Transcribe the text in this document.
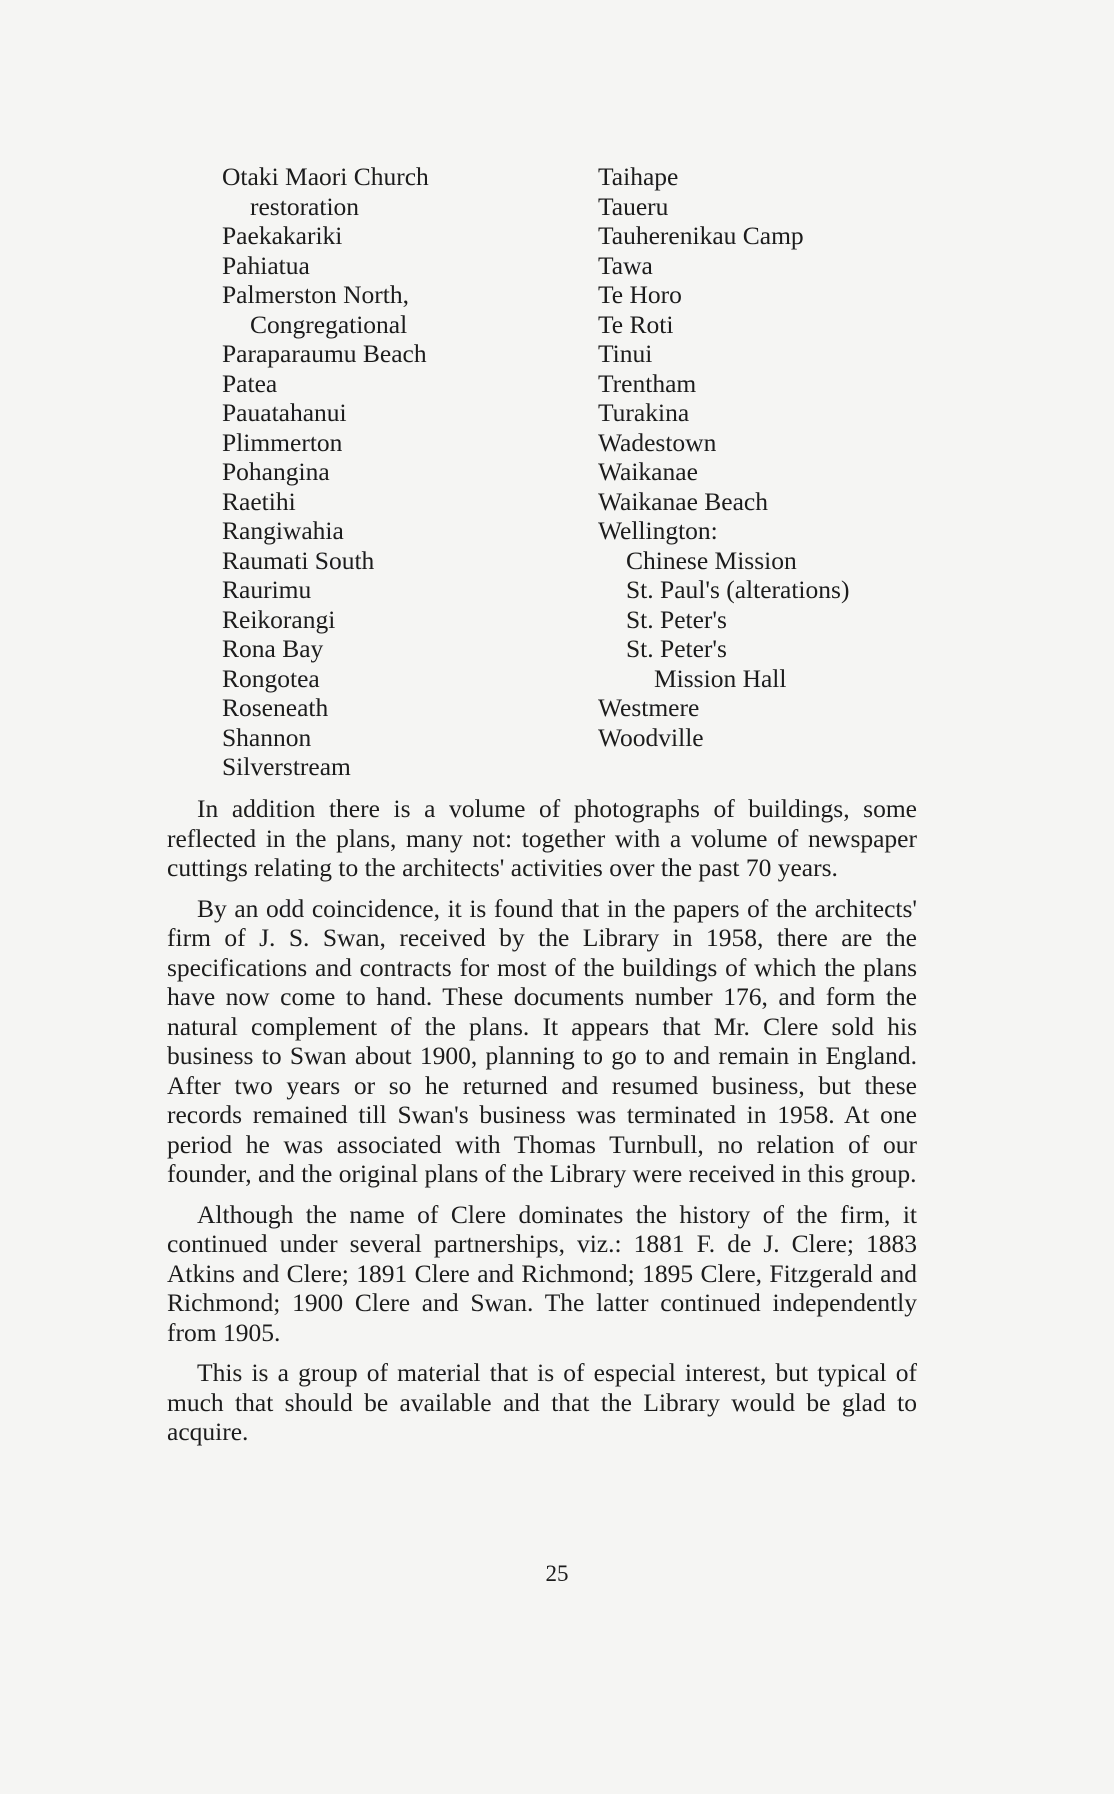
Otaki Maori Church
restoration
Paekakariki
Pahiatua
Palmerston North,
Congregational
Paraparaumu Beach
Patea
Pauatahanui
Plimmerton
Pohangina
Raetihi
Rangiwahia
Raumati South
Raurimu
Reikorangi
Rona Bay
Rongotea
Roseneath
Shannon
Silverstream
Taihape
Taueru
Tauherenikau Camp
Tawa
Te Horo
Te Roti
Tinui
Trentham
Turakina
Wadestown
Waikanae
Waikanae Beach
Wellington:
Chinese Mission
St. Paul's (alterations)
St. Peter's
St. Peter's
Mission Hall
Westmere
Woodville

In addition there is a volume of photographs of buildings, some reflected in the plans, many not: together with a volume of newspaper cuttings relating to the architects' activities over the past 70 years.

By an odd coincidence, it is found that in the papers of the architects' firm of J. S. Swan, received by the Library in 1958, there are the specifications and contracts for most of the buildings of which the plans have now come to hand. These documents number 176, and form the natural complement of the plans. It appears that Mr. Clere sold his business to Swan about 1900, planning to go to and remain in England. After two years or so he returned and resumed business, but these records remained till Swan's business was terminated in 1958. At one period he was associated with Thomas Turnbull, no relation of our founder, and the original plans of the Library were received in this group.

Although the name of Clere dominates the history of the firm, it continued under several partnerships, viz.: 1881 F. de J. Clere; 1883 Atkins and Clere; 1891 Clere and Richmond; 1895 Clere, Fitzgerald and Richmond; 1900 Clere and Swan. The latter continued independently from 1905.

This is a group of material that is of especial interest, but typical of much that should be available and that the Library would be glad to acquire.

25
